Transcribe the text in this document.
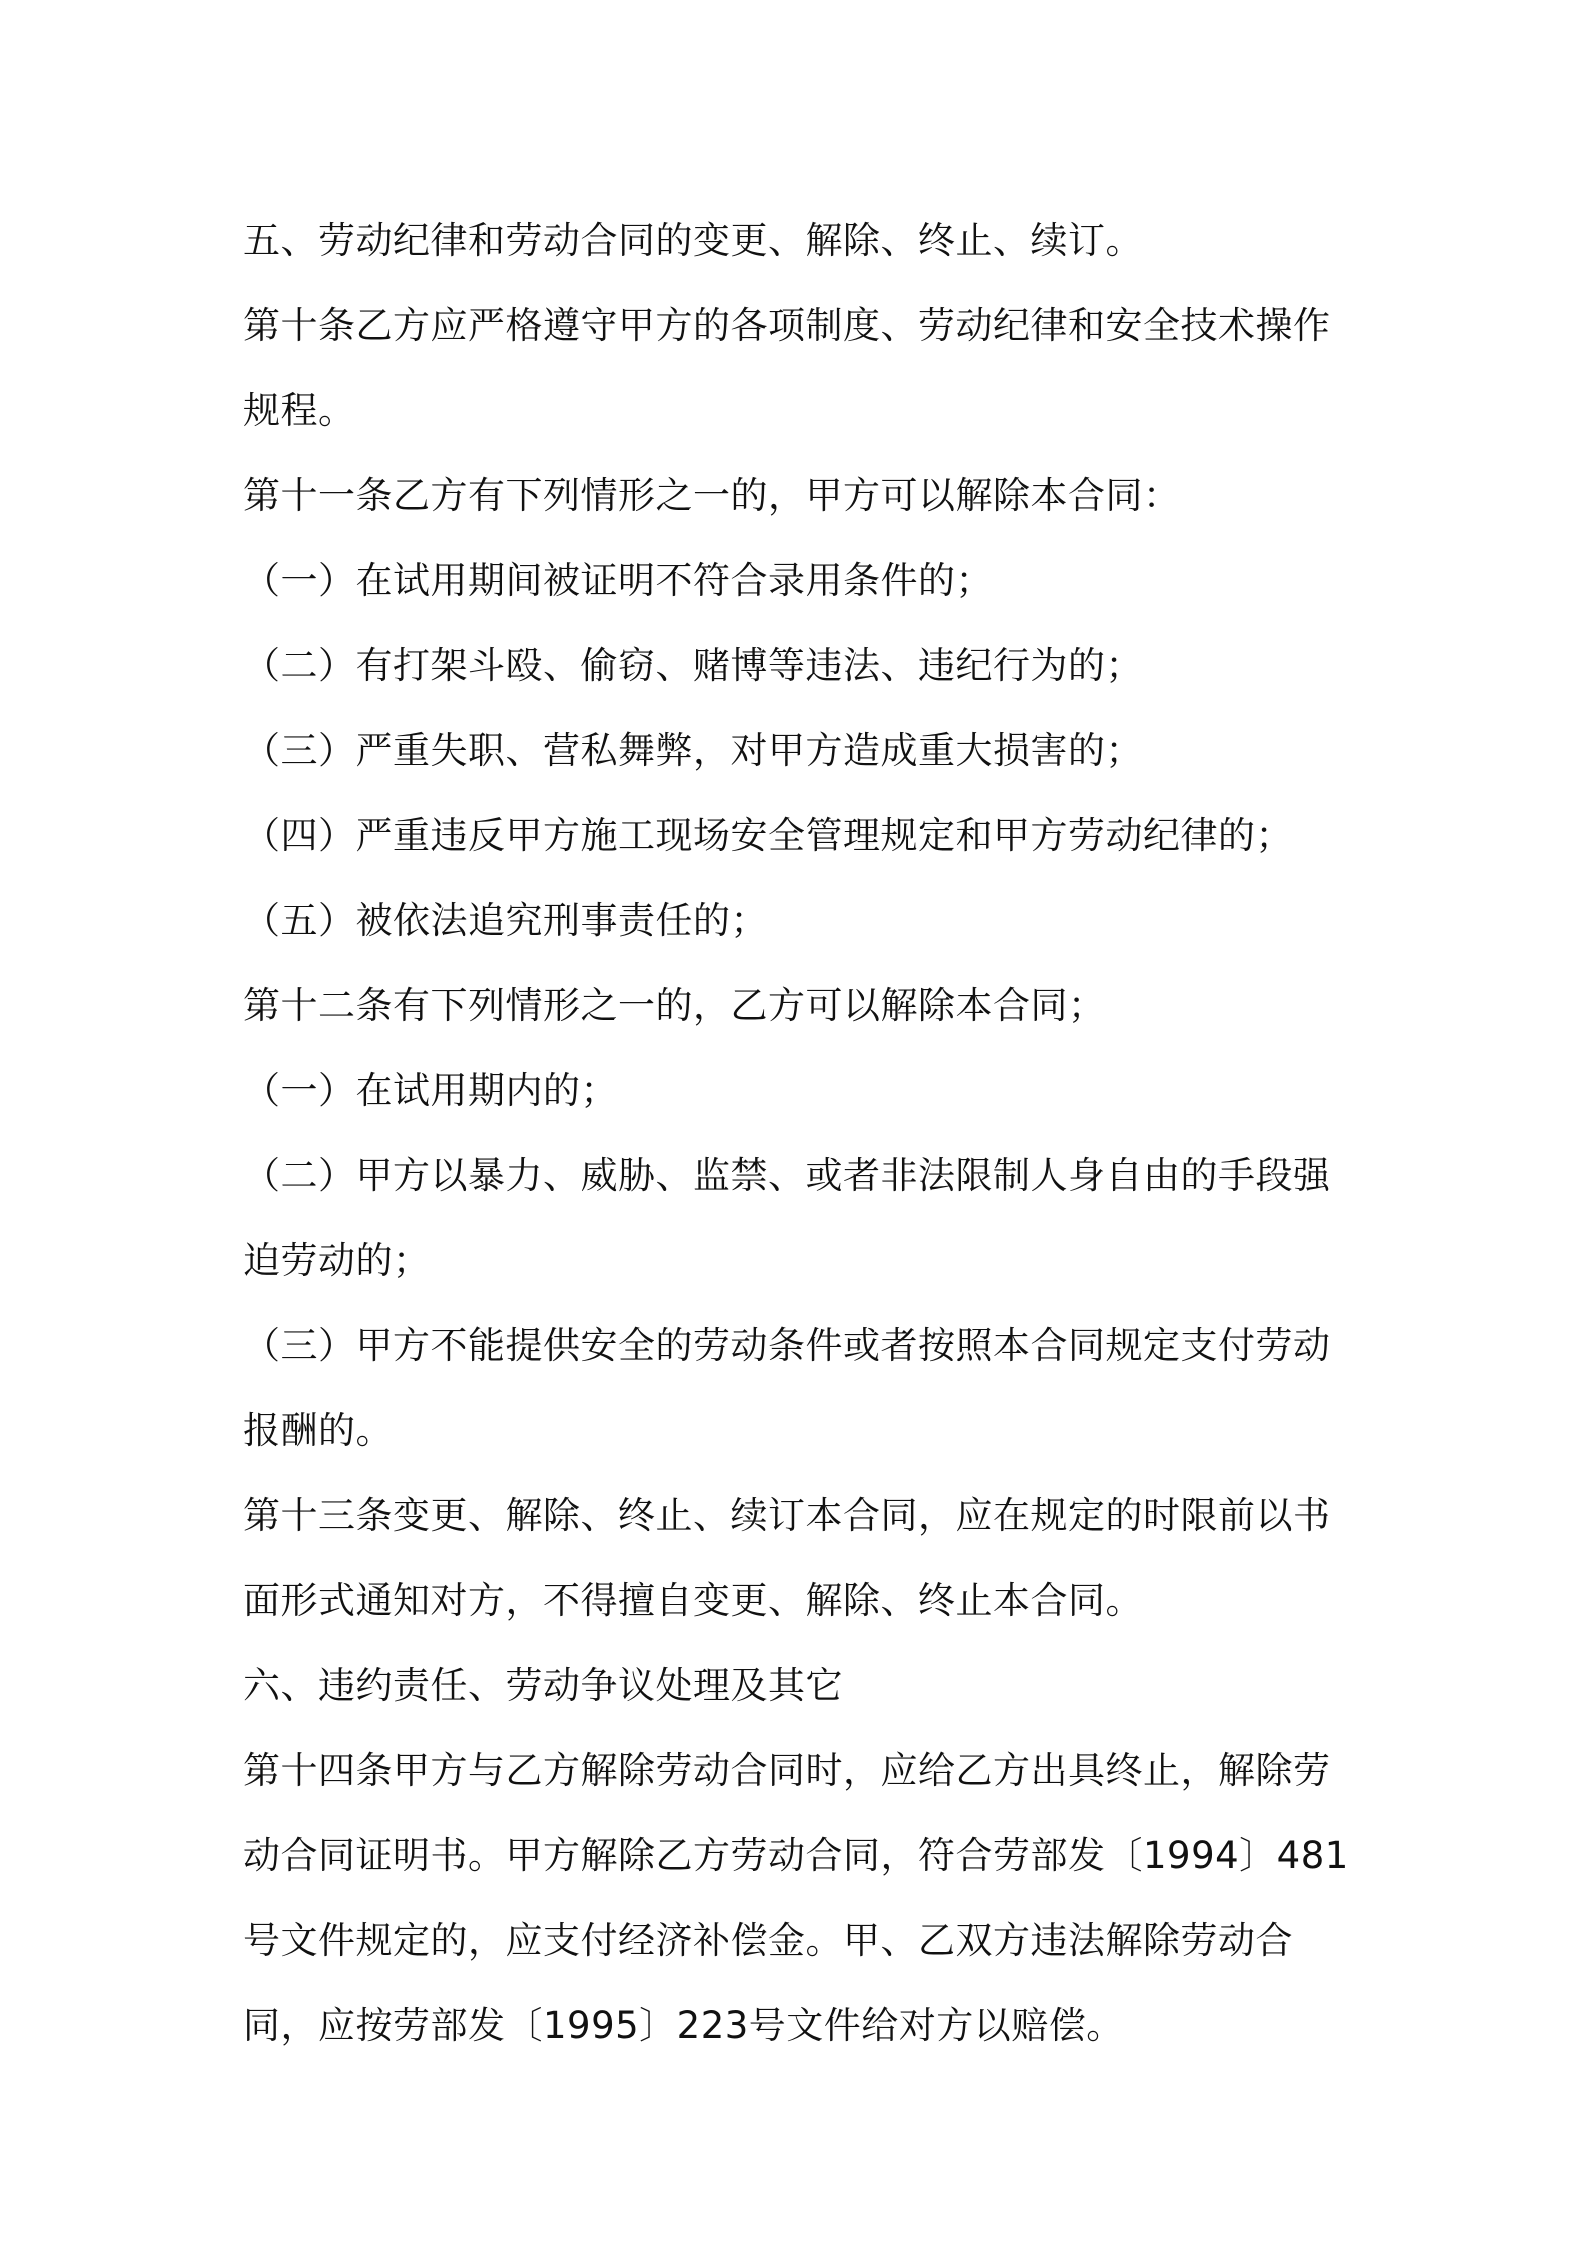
五、劳动纪律和劳动合同的变更、解除、终止、续订。

第十条乙方应严格遵守甲方的各项制度、劳动纪律和安全技术操作规程。

第十一条乙方有下列情形之一的，甲方可以解除本合同：

（一）在试用期间被证明不符合录用条件的；

（二）有打架斗殴、偷窃、赌博等违法、违纪行为的；

（三）严重失职、营私舞弊，对甲方造成重大损害的；

（四）严重违反甲方施工现场安全管理规定和甲方劳动纪律的；

（五）被依法追究刑事责任的；

第十二条有下列情形之一的，乙方可以解除本合同；

（一）在试用期内的；

（二）甲方以暴力、威胁、监禁、或者非法限制人身自由的手段强迫劳动的；

（三）甲方不能提供安全的劳动条件或者按照本合同规定支付劳动报酬的。

第十三条变更、解除、终止、续订本合同，应在规定的时限前以书面形式通知对方，不得擅自变更、解除、终止本合同。

六、违约责任、劳动争议处理及其它

第十四条甲方与乙方解除劳动合同时，应给乙方出具终止，解除劳动合同证明书。甲方解除乙方劳动合同，符合劳部发〔1994〕481号文件规定的，应支付经济补偿金。甲、乙双方违法解除劳动合同，应按劳部发〔1995〕223号文件给对方以赔偿。
